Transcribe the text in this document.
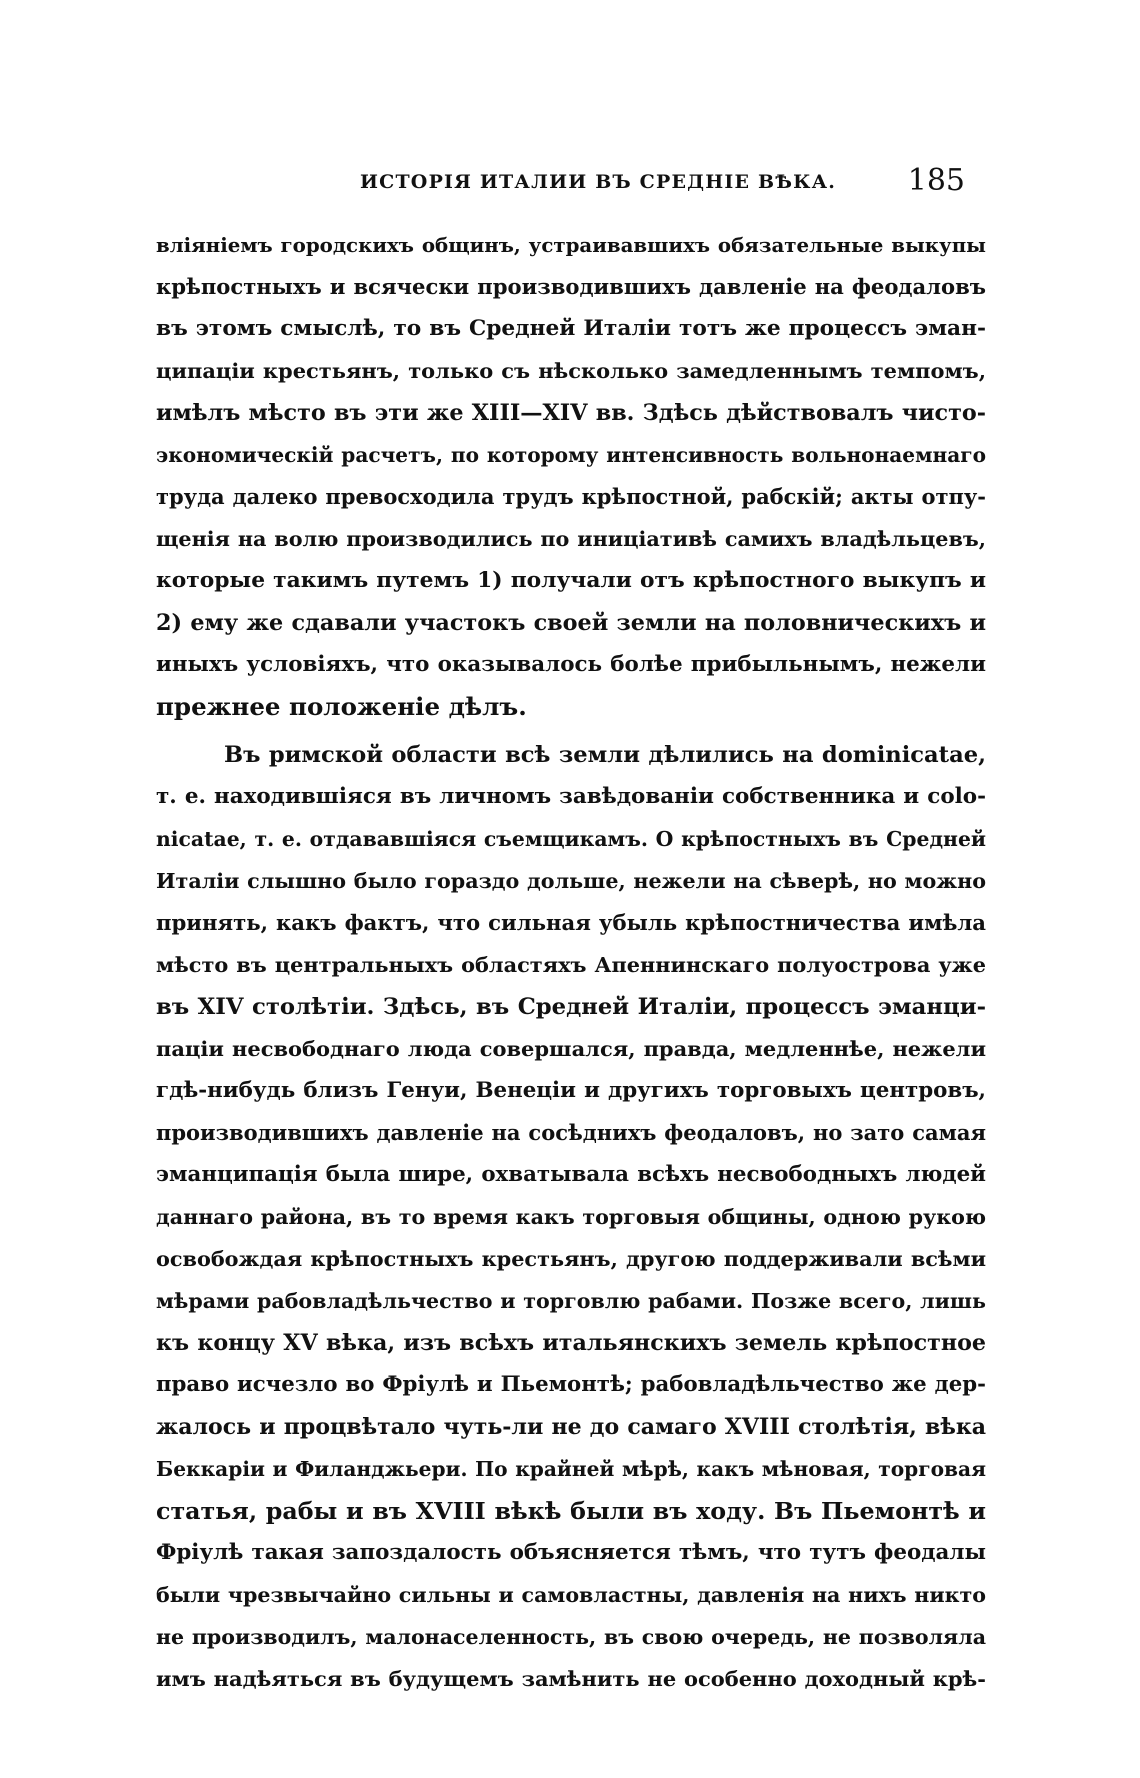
ИСТОРІЯ ИТАЛИИ ВЪ СРЕДНІЕ ВѢКА. 185
вліяніемъ городскихъ общинъ, устраивавшихъ обязательные выкупы
крѣпостныхъ и всячески производившихъ давленіе на феодаловъ
въ этомъ смыслѣ, то въ Средней Италіи тотъ же процессъ эман-
ципаціи крестьянъ, только съ нѣсколько замедленнымъ темпомъ,
имѣлъ мѣсто въ эти же XIII—XIV вв. Здѣсь дѣйствовалъ чисто-
экономическій расчетъ, по которому интенсивность вольнонаемнаго
труда далеко превосходила трудъ крѣпостной, рабскій; акты отпу-
щенія на волю производились по иниціативѣ самихъ владѣльцевъ,
которые такимъ путемъ 1) получали отъ крѣпостного выкупъ и
2) ему же сдавали участокъ своей земли на половническихъ и
иныхъ условіяхъ, что оказывалось болѣе прибыльнымъ, нежели
прежнее положеніе дѣлъ.
Въ римской области всѣ земли дѣлились на dominicatae,
т. е. находившіяся въ личномъ завѣдованіи собственника и colo-
nicatae, т. е. отдававшіяся съемщикамъ. О крѣпостныхъ въ Средней
Италіи слышно было гораздо дольше, нежели на сѣверѣ, но можно
принять, какъ фактъ, что сильная убыль крѣпостничества имѣла
мѣсто въ центральныхъ областяхъ Апеннинскаго полуострова уже
въ XIV столѣтіи. Здѣсь, въ Средней Италіи, процессъ эманци-
паціи несвободнаго люда совершался, правда, медленнѣе, нежели
гдѣ-нибудь близъ Генуи, Венеціи и другихъ торговыхъ центровъ,
производившихъ давленіе на сосѣднихъ феодаловъ, но зато самая
эманципація была шире, охватывала всѣхъ несвободныхъ людей
даннаго района, въ то время какъ торговыя общины, одною рукою
освобождая крѣпостныхъ крестьянъ, другою поддерживали всѣми
мѣрами рабовладѣльчество и торговлю рабами. Позже всего, лишь
къ концу XV вѣка, изъ всѣхъ итальянскихъ земель крѣпостное
право исчезло во Фріулѣ и Пьемонтѣ; рабовладѣльчество же дер-
жалось и процвѣтало чуть-ли не до самаго XVIII столѣтія, вѣка
Беккаріи и Филанджьери. По крайней мѣрѣ, какъ мѣновая, торговая
статья, рабы и въ XVIII вѣкѣ были въ ходу. Въ Пьемонтѣ и
Фріулѣ такая запоздалость объясняется тѣмъ, что тутъ феодалы
были чрезвычайно сильны и самовластны, давленія на нихъ никто
не производилъ, малонаселенность, въ свою очередь, не позволяла
имъ надѣяться въ будущемъ замѣнить не особенно доходный крѣ-
